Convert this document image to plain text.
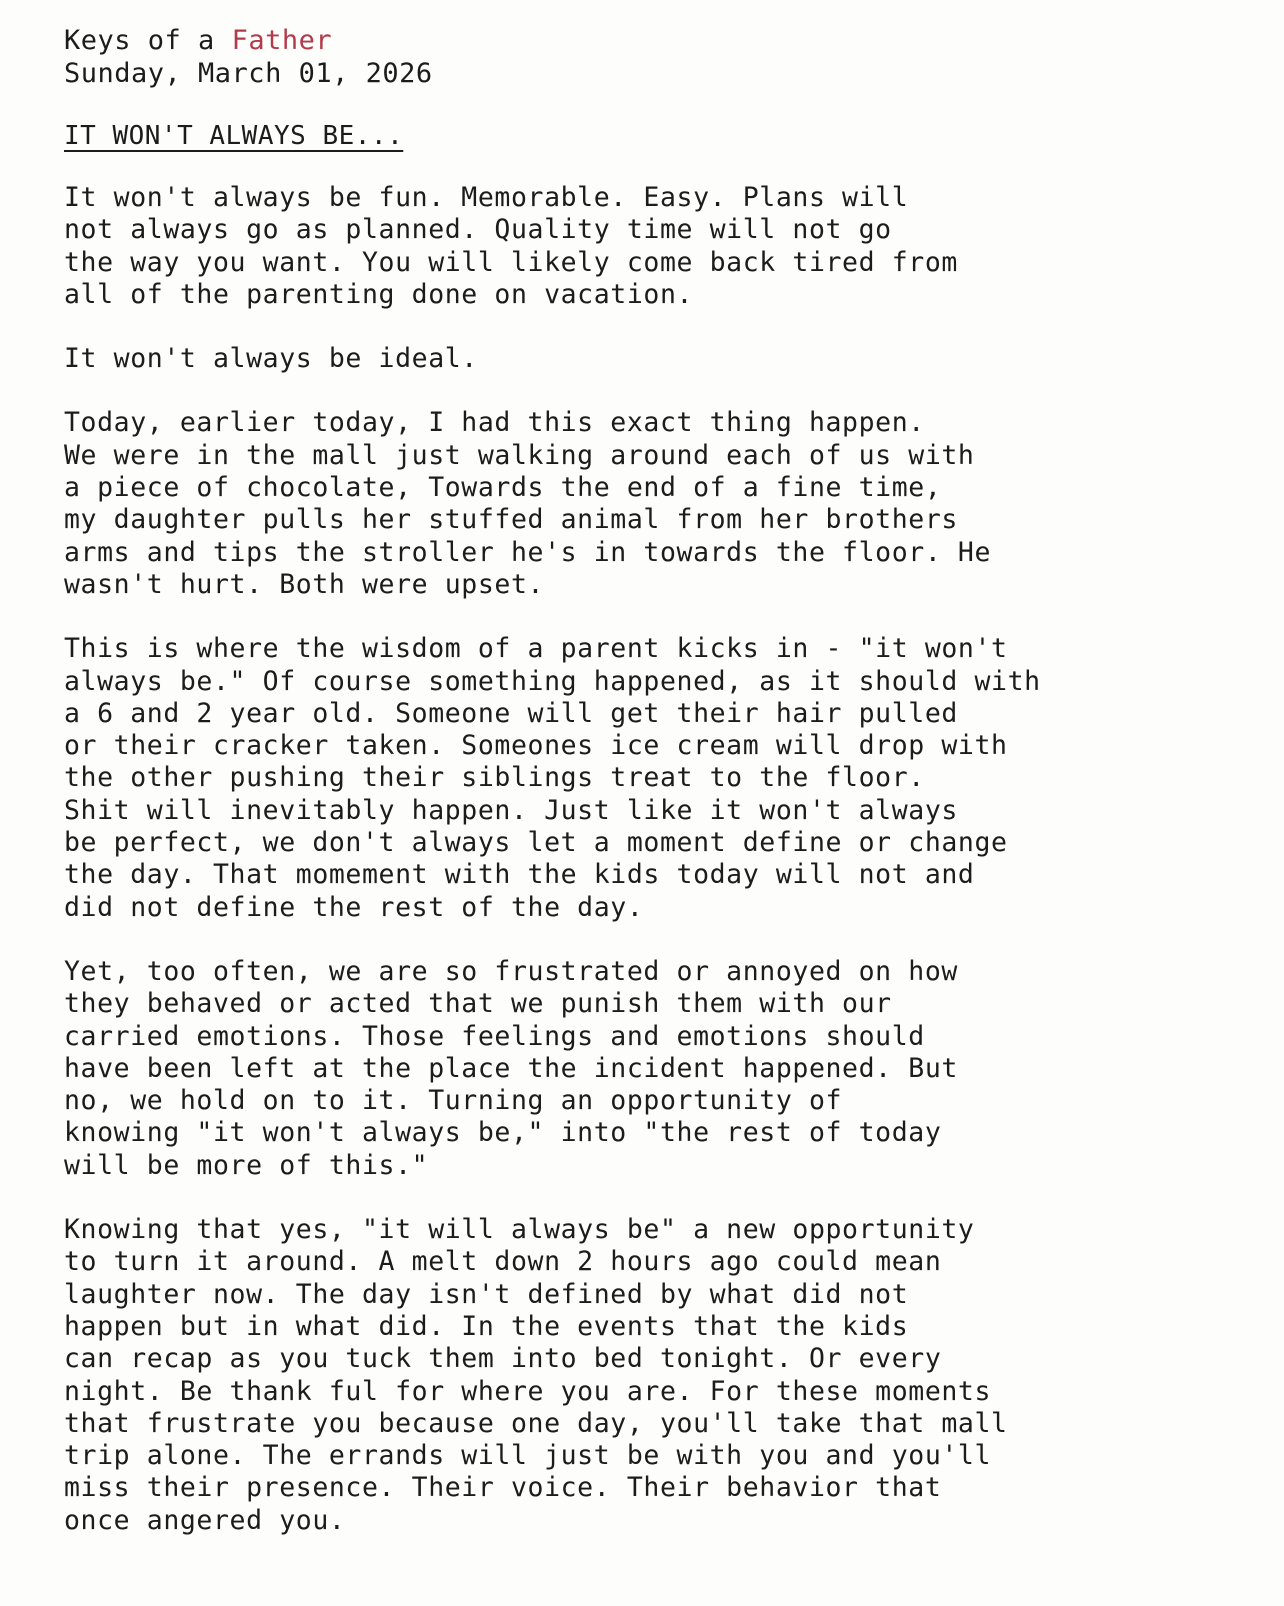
Keys of a Father
Sunday, March 01, 2026
IT WON'T ALWAYS BE...
It won't always be fun. Memorable. Easy. Plans will
not always go as planned. Quality time will not go
the way you want. You will likely come back tired from
all of the parenting done on vacation.
It won't always be ideal.
Today, earlier today, I had this exact thing happen.
We were in the mall just walking around each of us with
a piece of chocolate, Towards the end of a fine time,
my daughter pulls her stuffed animal from her brothers
arms and tips the stroller he's in towards the floor. He
wasn't hurt. Both were upset.
This is where the wisdom of a parent kicks in - "it won't
always be." Of course something happened, as it should with
a 6 and 2 year old. Someone will get their hair pulled
or their cracker taken. Someones ice cream will drop with
the other pushing their siblings treat to the floor.
Shit will inevitably happen. Just like it won't always
be perfect, we don't always let a moment define or change
the day. That momement with the kids today will not and
did not define the rest of the day.
Yet, too often, we are so frustrated or annoyed on how
they behaved or acted that we punish them with our
carried emotions. Those feelings and emotions should
have been left at the place the incident happened. But
no, we hold on to it. Turning an opportunity of
knowing "it won't always be," into "the rest of today
will be more of this."
Knowing that yes, "it will always be" a new opportunity
to turn it around. A melt down 2 hours ago could mean
laughter now. The day isn't defined by what did not
happen but in what did. In the events that the kids
can recap as you tuck them into bed tonight. Or every
night. Be thank ful for where you are. For these moments
that frustrate you because one day, you'll take that mall
trip alone. The errands will just be with you and you'll
miss their presence. Their voice. Their behavior that
once angered you.
